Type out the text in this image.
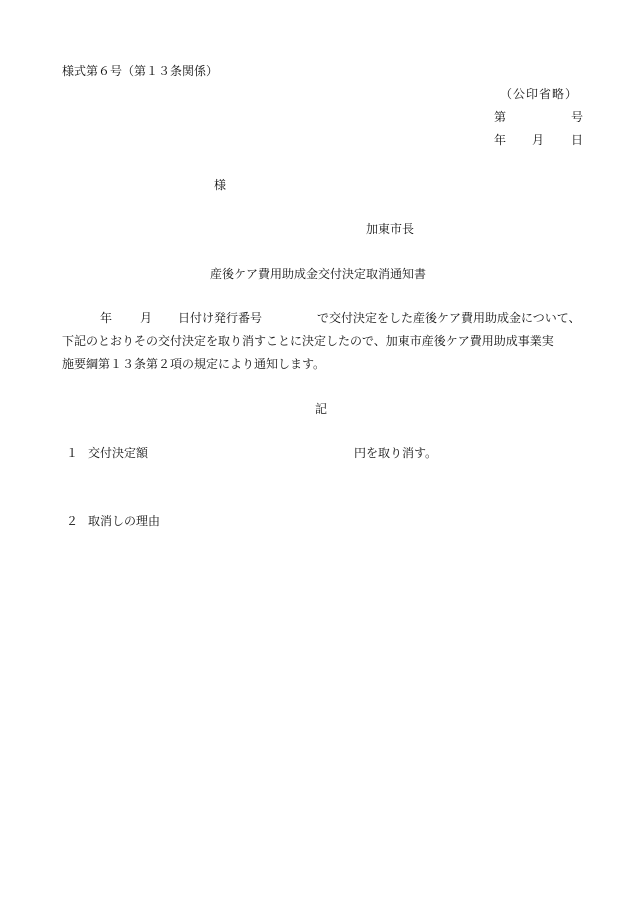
様式第６号（第１３条関係）
（公印省略）
第	号
年 月 日
様
加東市長
産後ケア費用助成金交付決定取消通知書
年 月 日付け発行番号	で交付決定をした産後ケア費用助成金について、
下記のとおりその交付決定を取り消すことに決定したので、加東市産後ケア費用助成事業実
施要綱第１３条第２項の規定により通知します。
記
１ 交付決定額	円を取り消す。
２ 取消しの理由
